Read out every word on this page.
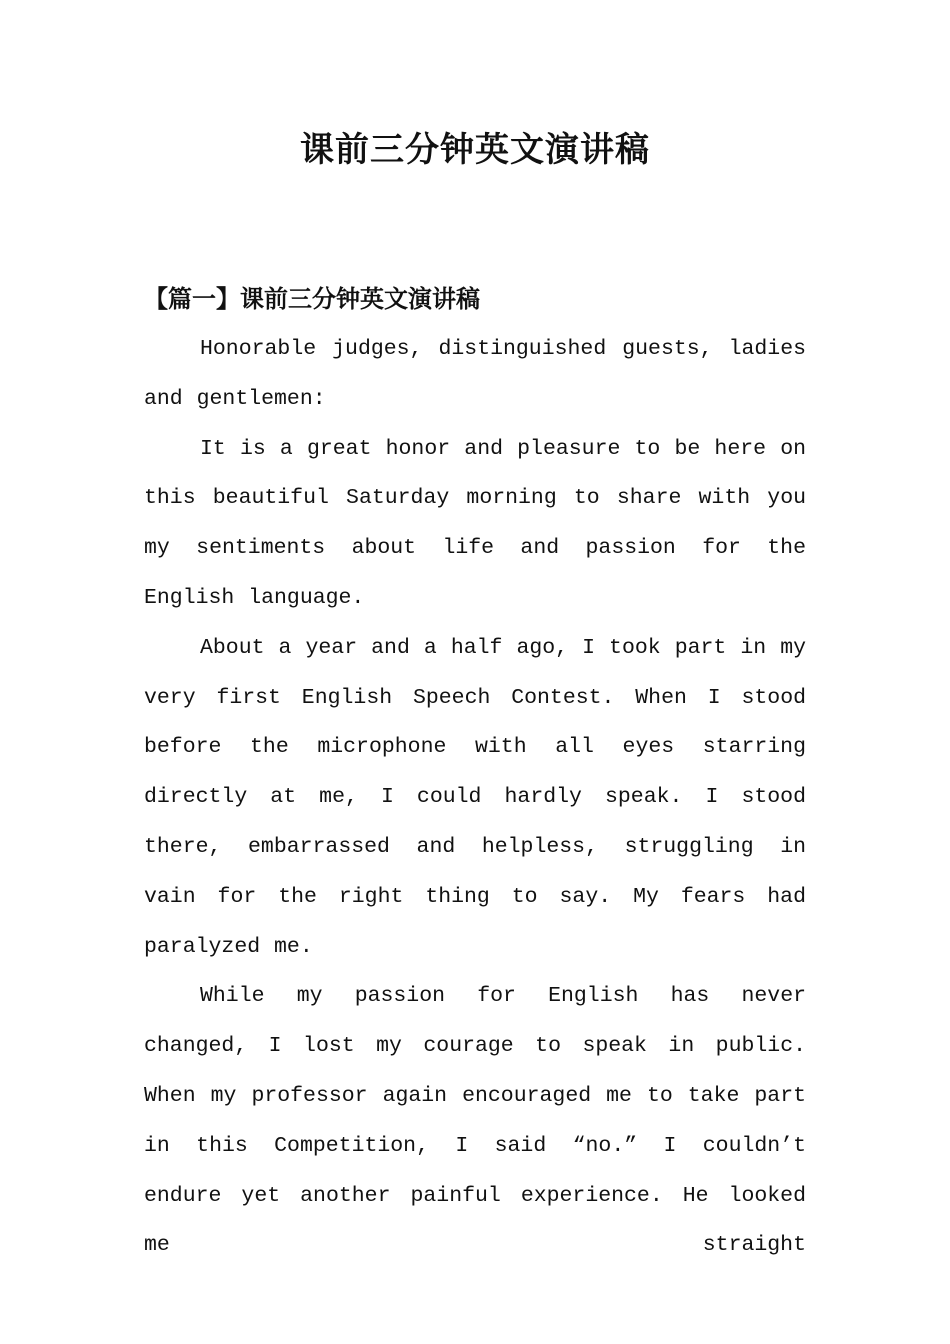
课前三分钟英文演讲稿
【篇一】课前三分钟英文演讲稿

Honorable judges, distinguished guests, ladies and gentlemen:

It is a great honor and pleasure to be here on this beautiful Saturday morning to share with you my sentiments about life and passion for the English language.

About a year and a half ago, I took part in my very first English Speech Contest. When I stood before the microphone with all eyes starring directly at me, I could hardly speak. I stood there, embarrassed and helpless, struggling in vain for the right thing to say. My fears had paralyzed me.

While my passion for English has never changed, I lost my courage to speak in public. When my professor again encouraged me to take part in this Competition, I said “no.” I couldn’t endure yet another painful experience. He looked me straight
